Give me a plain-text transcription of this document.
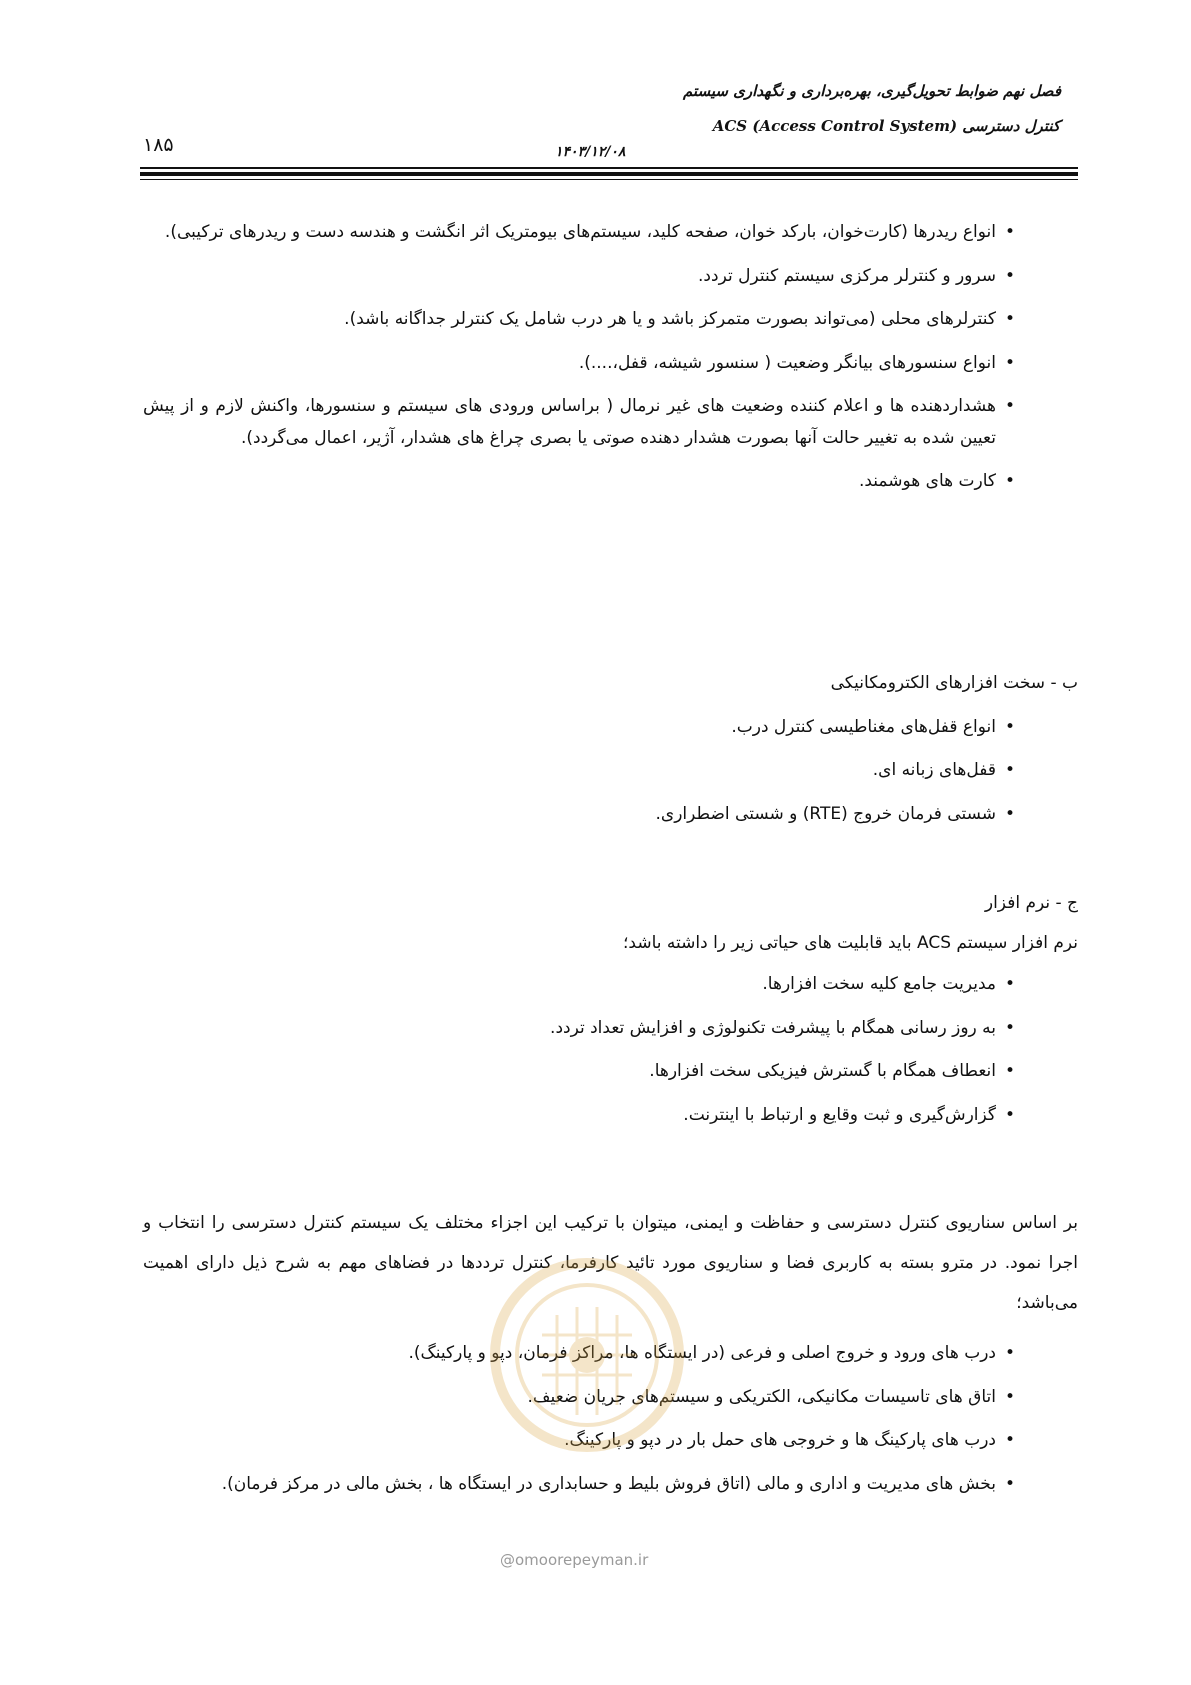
فصل نهم ضوابط تحویل‌گیری، بهره‌برداری و نگهداری سیستم
کنترل دسترسی (ACS (Access Control System
۱۸۵	۱۴۰۳/۱۲/۰۸
• انواع ریدرها (کارت‌خوان، بارکد خوان، صفحه کلید، سیستم‌های بیومتریک اثر انگشت و هندسه دست و ریدرهای ترکیبی).
• سرور و کنترلر مرکزی سیستم کنترل تردد.
• کنترلرهای محلی (می‌تواند بصورت متمرکز باشد و یا هر درب شامل یک کنترلر جداگانه باشد).
• انواع سنسورهای بیانگر وضعیت ( سنسور شیشه، قفل،....).
• هشداردهنده ها و اعلام کننده وضعیت های غیر نرمال ( براساس ورودی های سیستم و سنسورها، واکنش لازم و از پیش تعیین شده به تغییر حالت آنها بصورت هشدار دهنده صوتی یا بصری چراغ های هشدار، آژیر، اعمال می‌گردد).
• کارت های هوشمند.
ب - سخت افزارهای الکترومکانیکی
• انواع قفل‌های مغناطیسی کنترل درب.
• قفل‌های زبانه ای.
• شستی فرمان خروج (RTE) و شستی اضطراری.
ج - نرم افزار
نرم افزار سیستم ACS باید قابلیت های حیاتی زیر را داشته باشد؛
• مدیریت جامع کلیه سخت افزارها.
• به روز رسانی همگام با پیشرفت تکنولوژی و افزایش تعداد تردد.
• انعطاف همگام با گسترش فیزیکی سخت افزارها.
• گزارش‌گیری و ثبت وقایع و ارتباط با اینترنت.
بر اساس سناریوی کنترل دسترسی و حفاظت و ایمنی، میتوان با ترکیب این اجزاء مختلف یک سیستم کنترل دسترسی را انتخاب و اجرا نمود. در مترو بسته به کاربری فضا و سناریوی مورد تائید کارفرما، کنترل ترددها در فضاهای مهم به شرح ذیل دارای اهمیت می‌باشد؛
• درب های ورود و خروج اصلی و فرعی (در ایستگاه ها، مراکز فرمان، دپو و پارکینگ).
• اتاق های تاسیسات مکانیکی، الکتریکی و سیستم‌های جریان ضعیف.
• درب های پارکینگ ها و خروجی های حمل بار در دپو و پارکینگ.
• بخش های مدیریت و اداری و مالی (اتاق فروش بلیط و حسابداری در ایستگاه ها ، بخش مالی در مرکز فرمان).
@omoorepeyman.ir
